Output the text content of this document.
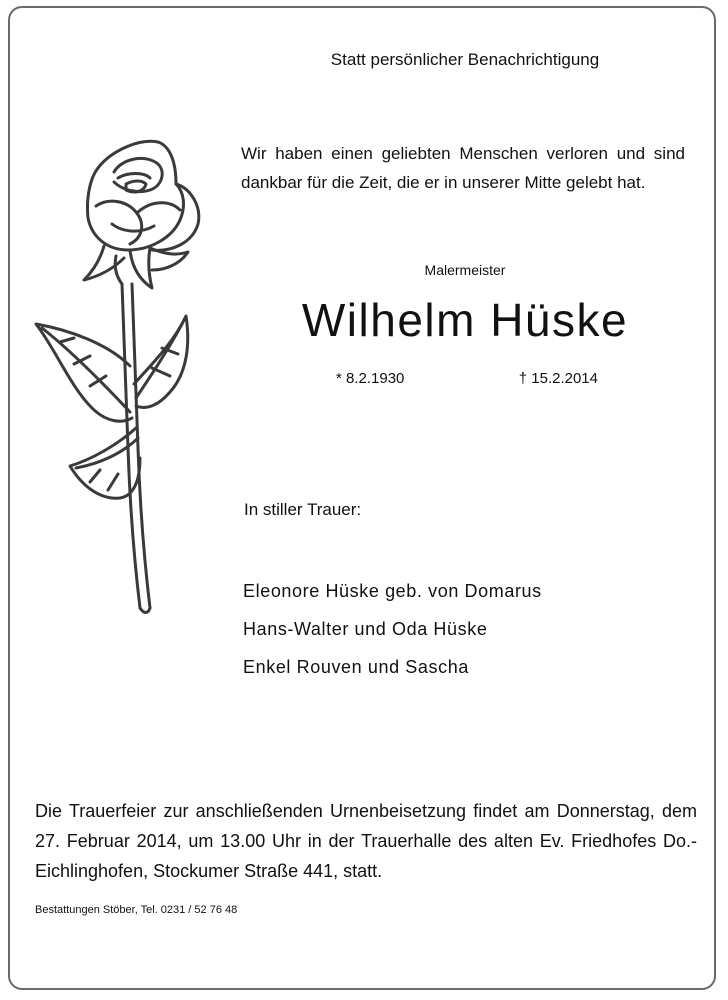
Statt persönlicher Benachrichtigung
Wir haben einen geliebten Menschen verloren und sind dankbar für die Zeit, die er in unserer Mitte gelebt hat.
Malermeister
Wilhelm Hüske
* 8.2.1930	† 15.2.2014
In stiller Trauer:
Eleonore Hüske geb. von Domarus
Hans-Walter und Oda Hüske
Enkel Rouven und Sascha
Die Trauerfeier zur anschließenden Urnenbeisetzung findet am Donnerstag, dem 27. Februar 2014, um 13.00 Uhr in der Trauerhalle des alten Ev. Friedhofes Do.-Eichlinghofen, Stockumer Straße 441, statt.
Bestattungen Stöber, Tel. 0231 / 52 76 48
